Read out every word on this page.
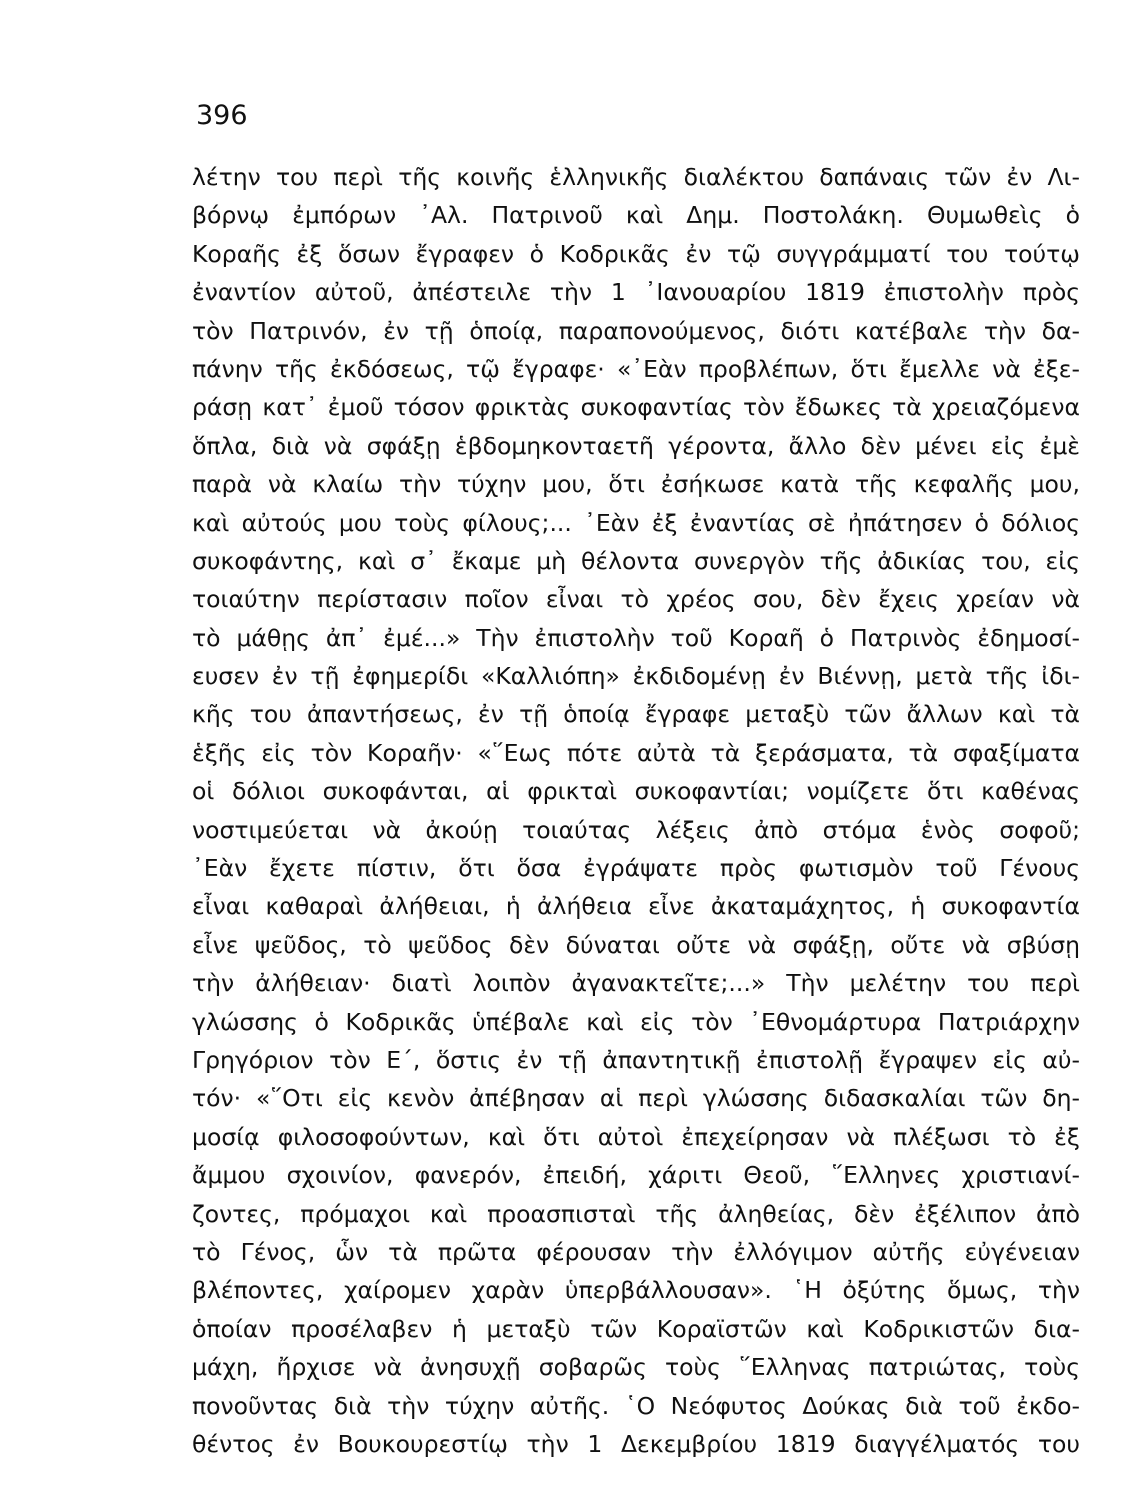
396
λέτην του περὶ τῆς κοινῆς ἑλληνικῆς διαλέκτου δαπάναις τῶν ἐν Λι-
βόρνῳ ἐμπόρων ᾽Αλ. Πατρινοῦ καὶ Δημ. Ποστολάκη. Θυμωθεὶς ὁ
Κοραῆς ἐξ ὅσων ἔγραφεν ὁ Κοδρικᾶς ἐν τῷ συγγράμματί του τούτῳ
ἐναντίον αὐτοῦ, ἀπέστειλε τὴν 1 ᾽Ιανουαρίου 1819 ἐπιστολὴν πρὸς
τὸν Πατρινόν, ἐν τῇ ὁποίᾳ, παραπονούμενος, διότι κατέβαλε τὴν δα-
πάνην τῆς ἐκδόσεως, τῷ ἔγραφε· «᾽Εὰν προβλέπων, ὅτι ἔμελλε νὰ ἐξε-
ράσῃ κατ᾽ ἐμοῦ τόσον φρικτὰς συκοφαντίας τὸν ἔδωκες τὰ χρειαζόμενα
ὅπλα, διὰ νὰ σφάξῃ ἑβδομηκονταετῆ γέροντα, ἄλλο δὲν μένει εἰς ἐμὲ
παρὰ νὰ κλαίω τὴν τύχην μου, ὅτι ἐσήκωσε κατὰ τῆς κεφαλῆς μου,
καὶ αὐτούς μου τοὺς φίλους;... ᾽Εὰν ἐξ ἐναντίας σὲ ἠπάτησεν ὁ δόλιος
συκοφάντης, καὶ σ᾽ ἔκαμε μὴ θέλοντα συνεργὸν τῆς ἀδικίας του, εἰς
τοιαύτην περίστασιν ποῖον εἶναι τὸ χρέος σου, δὲν ἔχεις χρείαν νὰ
τὸ μάθῃς ἀπ᾽ ἐμέ...» Τὴν ἐπιστολὴν τοῦ Κοραῆ ὁ Πατρινὸς ἐδημοσί-
ευσεν ἐν τῇ ἐφημερίδι «Καλλιόπη» ἐκδιδομένῃ ἐν Βιέννῃ, μετὰ τῆς ἰδι-
κῆς του ἀπαντήσεως, ἐν τῇ ὁποίᾳ ἔγραφε μεταξὺ τῶν ἄλλων καὶ τὰ
ἑξῆς εἰς τὸν Κοραῆν· «῞Εως πότε αὐτὰ τὰ ξεράσματα, τὰ σφαξίματα
οἱ δόλιοι συκοφάνται, αἱ φρικταὶ συκοφαντίαι; νομίζετε ὅτι καθένας
νοστιμεύεται νὰ ἀκούῃ τοιαύτας λέξεις ἀπὸ στόμα ἑνὸς σοφοῦ;
᾽Εὰν ἔχετε πίστιν, ὅτι ὅσα ἐγράψατε πρὸς φωτισμὸν τοῦ Γένους
εἶναι καθαραὶ ἀλήθειαι, ἡ ἀλήθεια εἶνε ἀκαταμάχητος, ἡ συκοφαντία
εἶνε ψεῦδος, τὸ ψεῦδος δὲν δύναται οὔτε νὰ σφάξῃ, οὔτε νὰ σβύσῃ
τὴν ἀλήθειαν· διατὶ λοιπὸν ἀγανακτεῖτε;...» Τὴν μελέτην του περὶ
γλώσσης ὁ Κοδρικᾶς ὑπέβαλε καὶ εἰς τὸν ᾽Εθνομάρτυρα Πατριάρχην
Γρηγόριον τὸν Ε΄, ὅστις ἐν τῇ ἀπαντητικῇ ἐπιστολῇ ἔγραψεν εἰς αὐ-
τόν· «῞Οτι εἰς κενὸν ἀπέβησαν αἱ περὶ γλώσσης διδασκαλίαι τῶν δη-
μοσίᾳ φιλοσοφούντων, καὶ ὅτι αὐτοὶ ἐπεχείρησαν νὰ πλέξωσι τὸ ἐξ
ἄμμου σχοινίον, φανερόν, ἐπειδή, χάριτι Θεοῦ, ῞Ελληνες χριστιανί-
ζοντες, πρόμαχοι καὶ προασπισταὶ τῆς ἀληθείας, δὲν ἐξέλιπον ἀπὸ
τὸ Γένος, ὧν τὰ πρῶτα φέρουσαν τὴν ἐλλόγιμον αὐτῆς εὐγένειαν
βλέποντες, χαίρομεν χαρὰν ὑπερβάλλουσαν». ῾Η ὀξύτης ὅμως, τὴν
ὁποίαν προσέλαβεν ἡ μεταξὺ τῶν Κοραϊστῶν καὶ Κοδρικιστῶν δια-
μάχη, ἤρχισε νὰ ἀνησυχῇ σοβαρῶς τοὺς ῞Ελληνας πατριώτας, τοὺς
πονοῦντας διὰ τὴν τύχην αὐτῆς. ῾Ο Νεόφυτος Δούκας διὰ τοῦ ἐκδο-
θέντος ἐν Βουκουρεστίῳ τὴν 1 Δεκεμβρίου 1819 διαγγέλματός του
